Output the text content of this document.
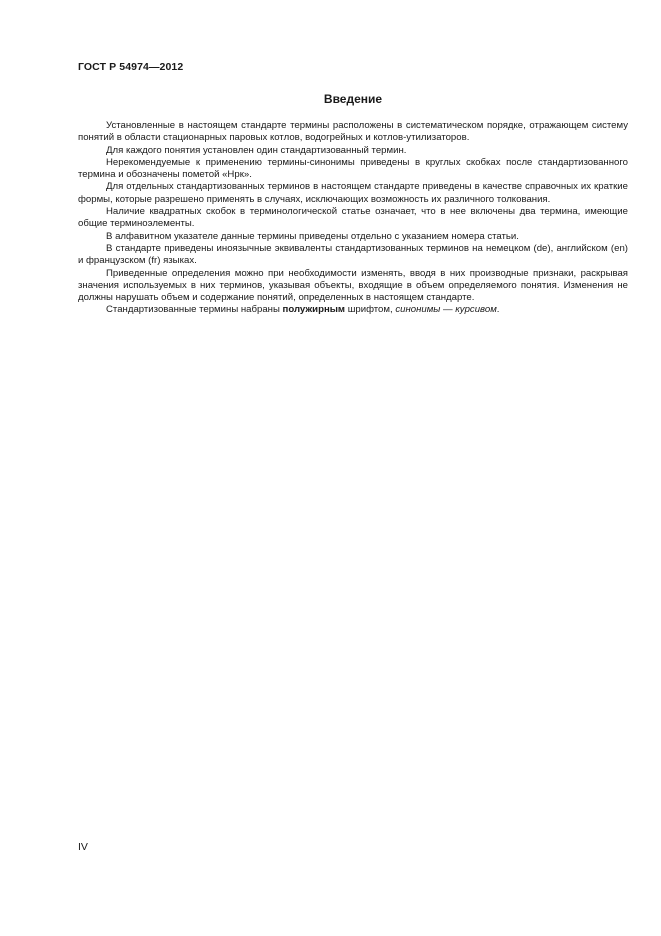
ГОСТ Р 54974—2012
Введение

Установленные в настоящем стандарте термины расположены в систематическом порядке, отражающем систему понятий в области стационарных паровых котлов, водогрейных и котлов-утилизаторов.

Для каждого понятия установлен один стандартизованный термин.

Нерекомендуемые к применению термины-синонимы приведены в круглых скобках после стандартизованного термина и обозначены пометой «Нрк».

Для отдельных стандартизованных терминов в настоящем стандарте приведены в качестве справочных их краткие формы, которые разрешено применять в случаях, исключающих возможность их различного толкования.

Наличие квадратных скобок в терминологической статье означает, что в нее включены два термина, имеющие общие терминоэлементы.

В алфавитном указателе данные термины приведены отдельно с указанием номера статьи.

В стандарте приведены иноязычные эквиваленты стандартизованных терминов на немецком (de), английском (en) и французском (fr) языках.

Приведенные определения можно при необходимости изменять, вводя в них производные признаки, раскрывая значения используемых в них терминов, указывая объекты, входящие в объем определяемого понятия. Изменения не должны нарушать объем и содержание понятий, определенных в настоящем стандарте.

Стандартизованные термины набраны полужирным шрифтом, синонимы — курсивом.

IV
